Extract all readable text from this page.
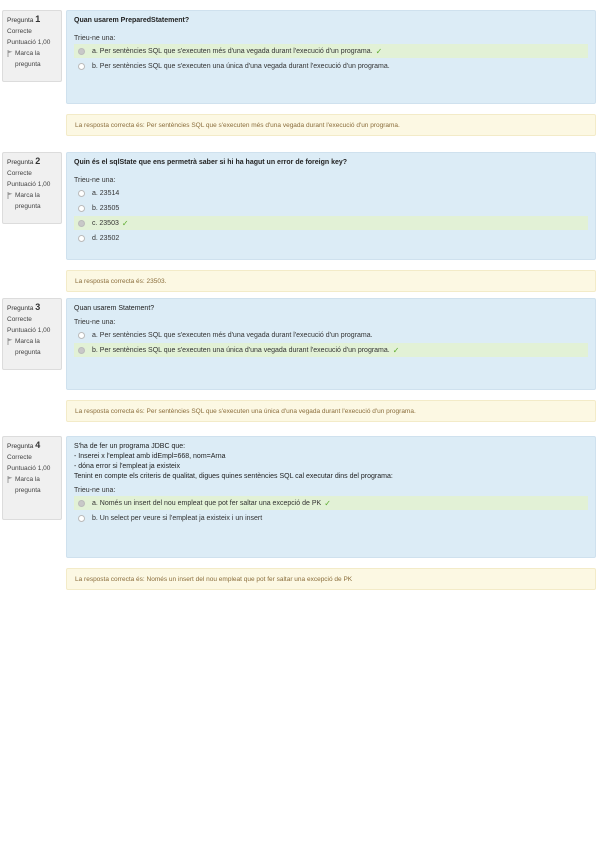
Pregunta 1
Correcte
Puntuació 1,00
Marca la pregunta
Quan usarem PreparedStatement?
Trieu-ne una:
a. Per sentències SQL que s'executen més d'una vegada durant l'execució d'un programa. ✓
b. Per sentències SQL que s'executen una única d'una vegada durant l'execució d'un programa.
La resposta correcta és: Per sentències SQL que s'executen més d'una vegada durant l'execució d'un programa.
Pregunta 2
Correcte
Puntuació 1,00
Marca la pregunta
Quin és el sqlState que ens permetrà saber si hi ha hagut un error de foreign key?
Trieu-ne una:
a. 23514
b. 23505
c. 23503 ✓
d. 23502
La resposta correcta és: 23503.
Pregunta 3
Correcte
Puntuació 1,00
Marca la pregunta
Quan usarem Statement?
Trieu-ne una:
a. Per sentències SQL que s'executen més d'una vegada durant l'execució d'un programa.
b. Per sentències SQL que s'executen una única d'una vegada durant l'execució d'un programa. ✓
La resposta correcta és: Per sentències SQL que s'executen una única d'una vegada durant l'execució d'un programa.
Pregunta 4
Correcte
Puntuació 1,00
Marca la pregunta
S'ha de fer un programa JDBC que:
- Inserei x l'empleat amb idEmpl=668, nom=Arna
- dóna error si l'empleat ja existeix
Tenint en compte els criteris de qualitat, digues quines sentències SQL cal executar dins del programa:
Trieu-ne una:
a. Només un insert del nou empleat que pot fer saltar una excepció de PK ✓
b. Un select per veure si l'empleat ja existeix i un insert
La resposta correcta és: Només un insert del nou empleat que pot fer saltar una excepció de PK
